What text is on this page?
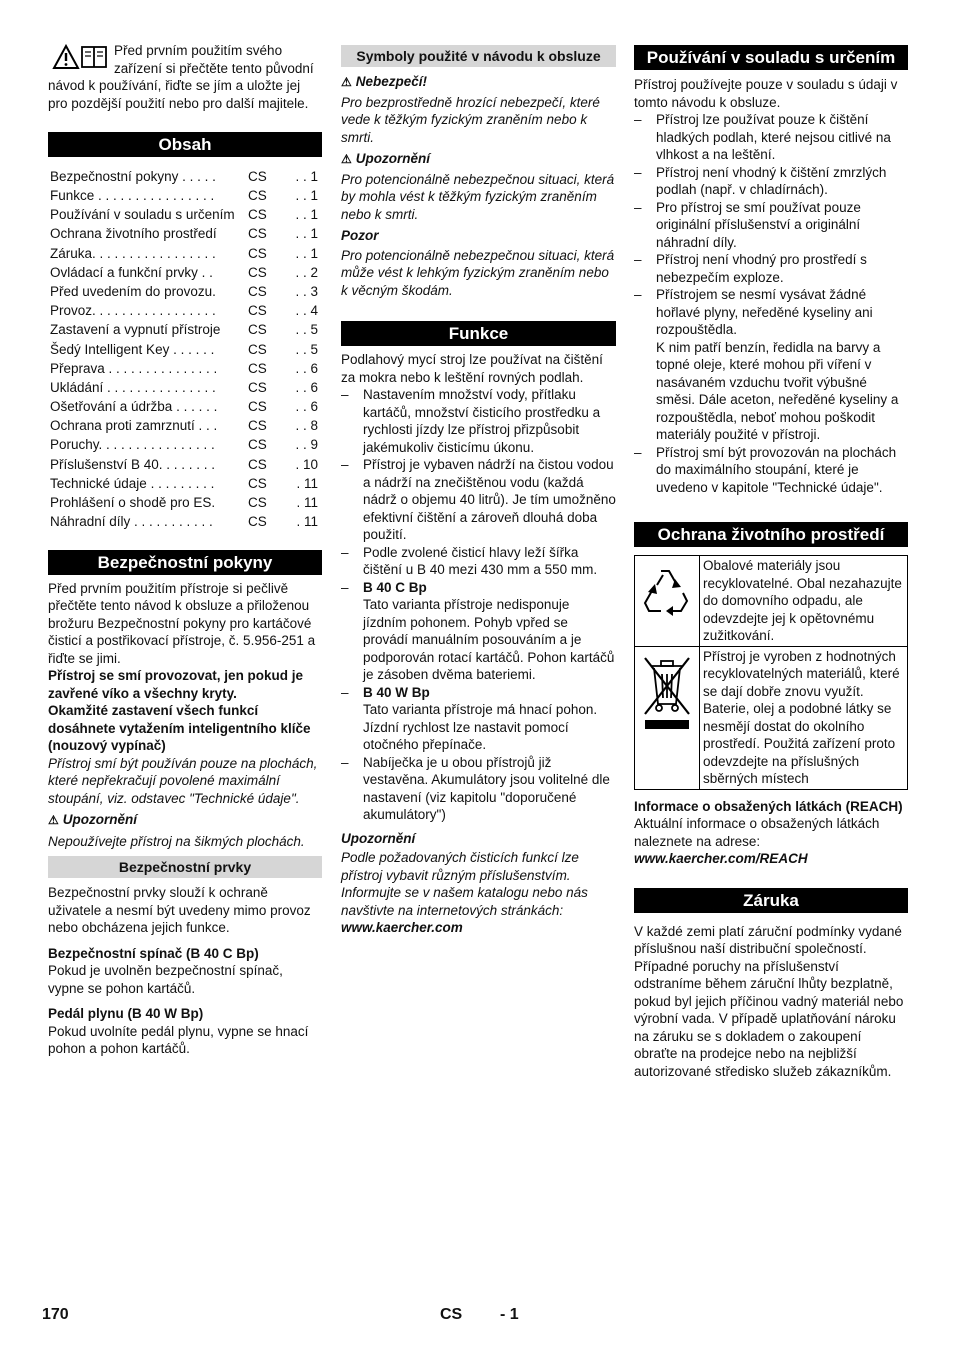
Před prvním použitím svého zařízení si přečtěte tento původní návod k používání, řiďte se jím a uložte jej pro pozdější použití nebo pro další majitele.

Obsah
Bezpečnostní pokyny . . . . .	CS	. . 1
Funkce . . . . . . . . . . . . . . . .	CS	. . 1
Používání v souladu s určením	CS	. . 1
Ochrana životního prostředí	CS	. . 1
Záruka. . . . . . . . . . . . . . . . .	CS	. . 1
Ovládací a funkční prvky . .	CS	. . 2
Před uvedením do provozu.	CS	. . 3
Provoz. . . . . . . . . . . . . . . . .	CS	. . 4
Zastavení a vypnutí přístroje	CS	. . 5
Šedý Intelligent Key . . . . . .	CS	. . 5
Přeprava . . . . . . . . . . . . . . .	CS	. . 6
Ukládání . . . . . . . . . . . . . . .	CS	. . 6
Ošetřování a údržba . . . . . .	CS	. . 6
Ochrana proti zamrznutí . . .	CS	. . 8
Poruchy. . . . . . . . . . . . . . . .	CS	. . 9
Příslušenství B 40. . . . . . . .	CS	. 10
Technické údaje . . . . . . . . .	CS	. 11
Prohlášení o shodě pro ES.	CS	. 11
Náhradní díly . . . . . . . . . . .	CS	. 11
Bezpečnostní pokyny

Před prvním použitím přístroje si pečlivě přečtěte tento návod k obsluze a přiloženou brožuru Bezpečnostní pokyny pro kartáčové čisticí a postřikovací přístroje, č. 5.956-251 a řiďte se jimi.

Přístroj se smí provozovat, jen pokud je zavřené víko a všechny kryty.

Okamžité zastavení všech funkcí dosáhnete vytažením inteligentního klíče (nouzový vypínač)

Přístroj smí být používán pouze na plochách, které nepřekračují povolené maximální stoupání, viz. odstavec "Technické údaje".

⚠ Upozornění

Nepoužívejte přístroj na šikmých plochách.

Bezpečnostní prvky

Bezpečnostní prvky slouží k ochraně uživatele a nesmí být uvedeny mimo provoz nebo obcházena jejich funkce.

Bezpečnostní spínač (B 40 C Bp)

Pokud je uvolněn bezpečnostní spínač, vypne se pohon kartáčů.

Pedál plynu (B 40 W Bp)

Pokud uvolníte pedál plynu, vypne se hnací pohon a pohon kartáčů.

Symboly použité v návodu k obsluze

⚠ Nebezpečí!

Pro bezprostředně hrozící nebezpečí, které vede k těžkým fyzickým zraněním nebo k smrti.

⚠ Upozornění

Pro potencionálně nebezpečnou situaci, která by mohla vést k těžkým fyzickým zraněním nebo k smrti.

Pozor

Pro potencionálně nebezpečnou situaci, která může vést k lehkým fyzickým zraněním nebo k věcným škodám.

Funkce

Podlahový mycí stroj lze používat na čištění za mokra nebo k leštění rovných podlah.

– Nastavením množství vody, přítlaku kartáčů, množství čisticího prostředku a rychlosti jízdy lze přístroj přizpůsobit jakémukoliv čisticímu úkonu.
– Přístroj je vybaven nádrží na čistou vodou a nádrží na znečištěnou vodu (každá nádrž o objemu 40 litrů). Je tím umožněno efektivní čištění a zároveň dlouhá doba použití.
– Podle zvolené čisticí hlavy leží šířka čištění u B 40 mezi 430 mm a 550 mm.
– B 40 C Bp
Tato varianta přístroje nedisponuje jízdním pohonem. Pohyb vpřed se provádí manuálním posouváním a je podporován rotací kartáčů. Pohon kartáčů je zásoben dvěma bateriemi.
– B 40 W Bp
Tato varianta přístroje má hnací pohon. Jízdní rychlost lze nastavit pomocí otočného přepínače.
– Nabíječka je u obou přístrojů již vestavěna. Akumulátory jsou volitelné dle nastavení (viz kapitolu "doporučené akumulátory")

Upozornění

Podle požadovaných čisticích funkcí lze přístroj vybavit různým příslušenstvím. Informujte se v našem katalogu nebo nás navštivte na internetových stránkách:

www.kaercher.com

Používání v souladu s určením

Přístroj používejte pouze v souladu s údaji v tomto návodu k obsluze.

– Přístroj lze používat pouze k čištění hladkých podlah, které nejsou citlivé na vlhkost a na leštění.
– Přístroj není vhodný k čištění zmrzlých podlah (např. v chladírnách).
– Pro přístroj se smí používat pouze originální příslušenství a originální náhradní díly.
– Přístroj není vhodný pro prostředí s nebezpečím exploze.
– Přístrojem se nesmí vysávat žádné hořlavé plyny, neředěné kyseliny ani rozpouštědla.
K nim patří benzín, ředidla na barvy a topné oleje, které mohou při víření v nasávaném vzduchu tvořit výbušné směsi. Dále aceton, neředěné kyseliny a rozpouštědla, neboť mohou poškodit materiály použité v přístroji.
– Přístroj smí být provozován na plochách do maximálního stoupání, které je uvedeno v kapitole "Technické údaje".
Ochrana životního prostředí
	Obalové materiály jsou recyklovatelné. Obal nezahazujte do domovního odpadu, ale odevzdejte jej k opětovnému zužitkování.
	Přístroj je vyroben z hodnotných recyklovatelných materiálů, které se dají dobře znovu využít. Baterie, olej a podobné látky se nesmějí dostat do okolního prostředí. Použitá zařízení proto odevzdejte na příslušných sběrných místech

Informace o obsažených látkách (REACH)

Aktuální informace o obsažených látkách naleznete na adrese:

www.kaercher.com/REACH

Záruka

V každé zemi platí záruční podmínky vydané příslušnou naší distribuční společností. Případné poruchy na příslušenství odstraníme během záruční lhůty bezplatně, pokud byl jejich příčinou vadný materiál nebo výrobní vada. V případě uplatňování nároku na záruku se s dokladem o zakoupení obraťte na prodejce nebo na nejbližší autorizované středisko služeb zákazníkům.

170	CS - 1
